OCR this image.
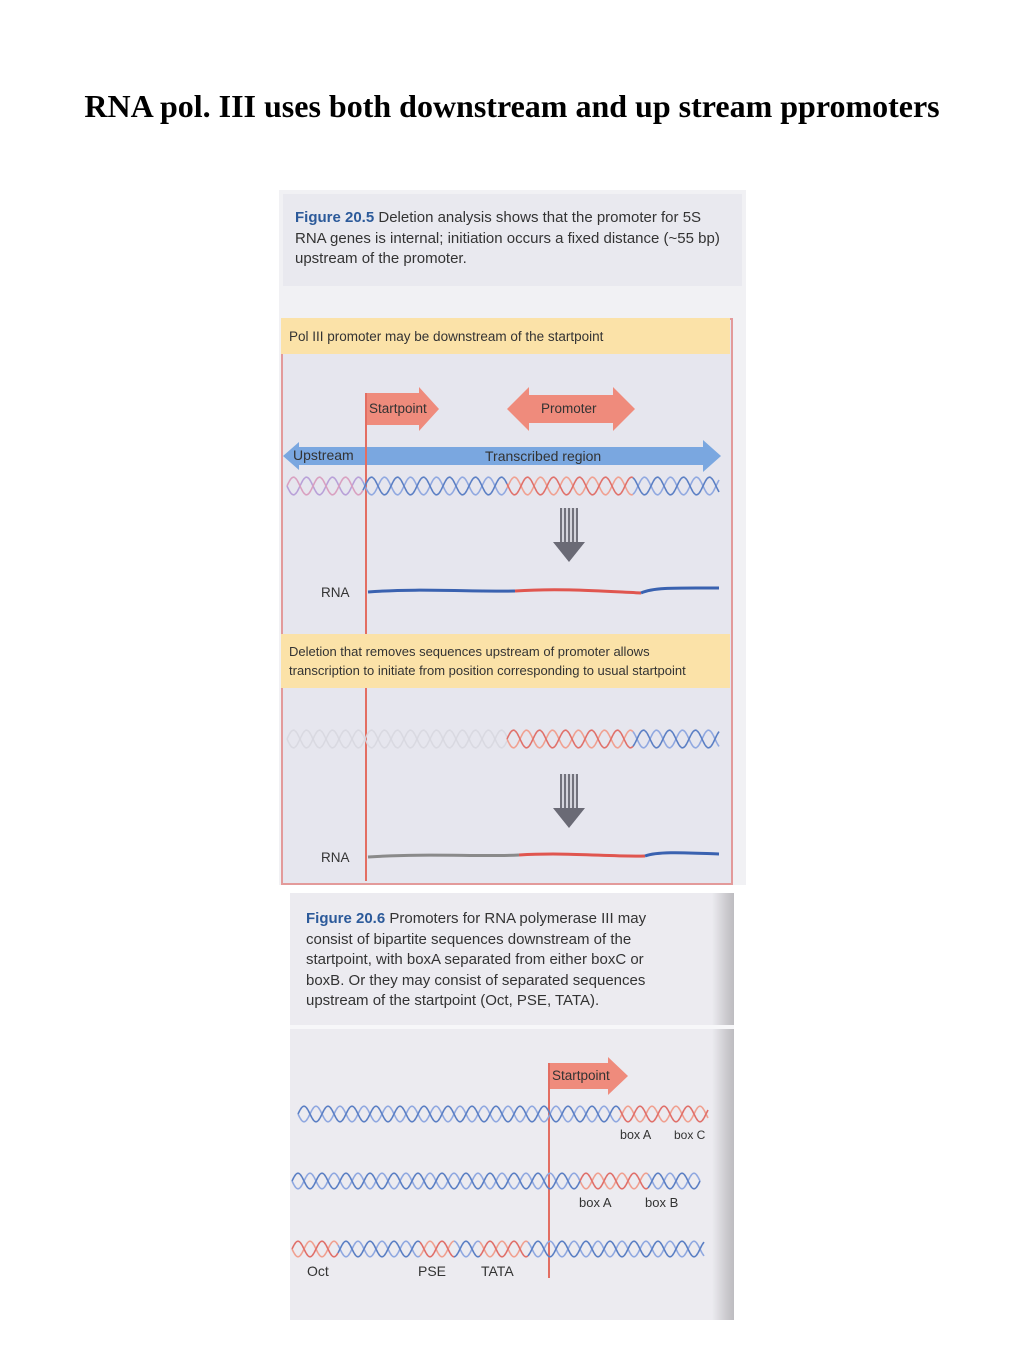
RNA pol. III uses both downstream and up stream ppromoters
Figure 20.5 Deletion analysis shows that the promoter for 5S RNA genes is internal; initiation occurs a fixed distance (~55 bp) upstream of the promoter.
Pol III promoter may be downstream of the startpoint
Deletion that removes sequences upstream of promoter allows
transcription to initiate from position corresponding to usual startpoint
Startpoint	Promoter
Upstream	Transcribed region
RNA
RNA
Figure 20.6 Promoters for RNA polymerase III may
consist of bipartite sequences downstream of the
startpoint, with boxA separated from either boxC or
boxB. Or they may consist of separated sequences
upstream of the startpoint (Oct, PSE, TATA).
Startpoint
box A box C
box A	box B
Oct	PSE TATA
